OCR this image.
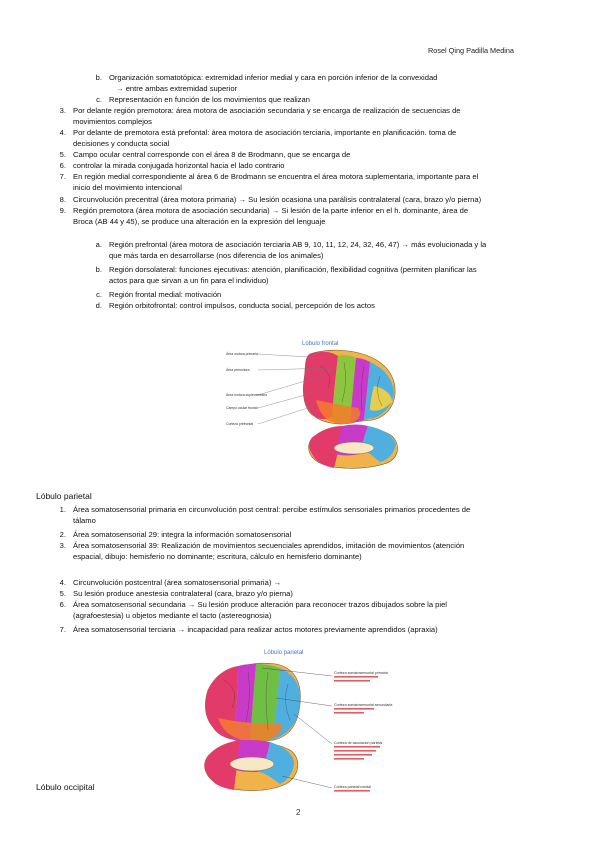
Rosel Qing Padilla Medina
b. Organización somatotópica: extremidad inferior medial y cara en porción inferior de la convexidad
→ entre ambas extremidad superior
c. Representación en función de los movimientos que realizan
3. Por delante región premotora: área motora de asociación secundaria y se encarga de realización de secuencias de
movimientos complejos
4. Por delante de premotora está prefontal: área motora de asociación terciaria, importante en planificación. toma de
decisiones y conducta social
5. Campo ocular central corresponde con el área 8 de Brodmann, que se encarga de
6. controlar la mirada conjugada horizontal hacia el lado contrario
7. En región medial correspondiente al área 6 de Brodmann se encuentra el área motora suplementaria, importante para el
inicio del movimiento intencional
8. Circunvolución precentral (área motora primaria) → Su lesión ocasiona una parálisis contralateral (cara, brazo y/o pierna)
9. Región premotora (área motora de asociación secundaria) → Si lesión de la parte inferior en el h. dominante, área de
Broca (AB 44 y 45), se produce una alteración en la expresión del lenguaje
a. Región prefrontal (área motora de asociación terciaria AB 9, 10, 11, 12, 24, 32, 46, 47) → más evolucionada y la
que más tarda en desarrollarse (nos diferencia de los animales)
b. Región dorsolateral: funciones ejecutivas: atención, planificación, flexibilidad cognitiva (permiten planificar las
actos para que sirvan a un fin para el individuo)
c. Región frontal medial: motivación
d. Región orbitofrontal: control impulsos, conducta social, percepción de los actos
Lóbulo frontal
Área motora primaria
Área premotora
Área motora suplementaria
Campo ocular frontal
Corteza prefrontal
Lóbulo parietal
1. Área somatosensorial primaria en circunvolución post central: percibe estímulos sensoriales primarios procedentes de
tálamo
2. Área somatosensorial 29: integra la información somatosensorial
3. Área somatosensorial 39: Realización de movimientos secuenciales aprendidos, imitación de movimientos (atención
espacial, dibujo: hemisferio no dominante; escritura, cálculo en hemisferio dominante)
4. Circunvolución postcentral (área somatosensorial primaria) →
5. Su lesión produce anestesia contralateral (cara, brazo y/o pierna)
6. Área somatosensorial secundaria → Su lesión produce alteración para reconocer trazos dibujados sobre la piel
(agrafoestesia) u objetos mediante el tacto (astereognosia)
7. Área somatosensorial terciaria → incapacidad para realizar actos motores previamente aprendidos (apraxia)
Lóbulo parietal
Corteza somatosensorial primaria
Corteza somatosensorial secundaria
Corteza de asociación parietal
Corteza parietal medial
Lóbulo occipital
2
